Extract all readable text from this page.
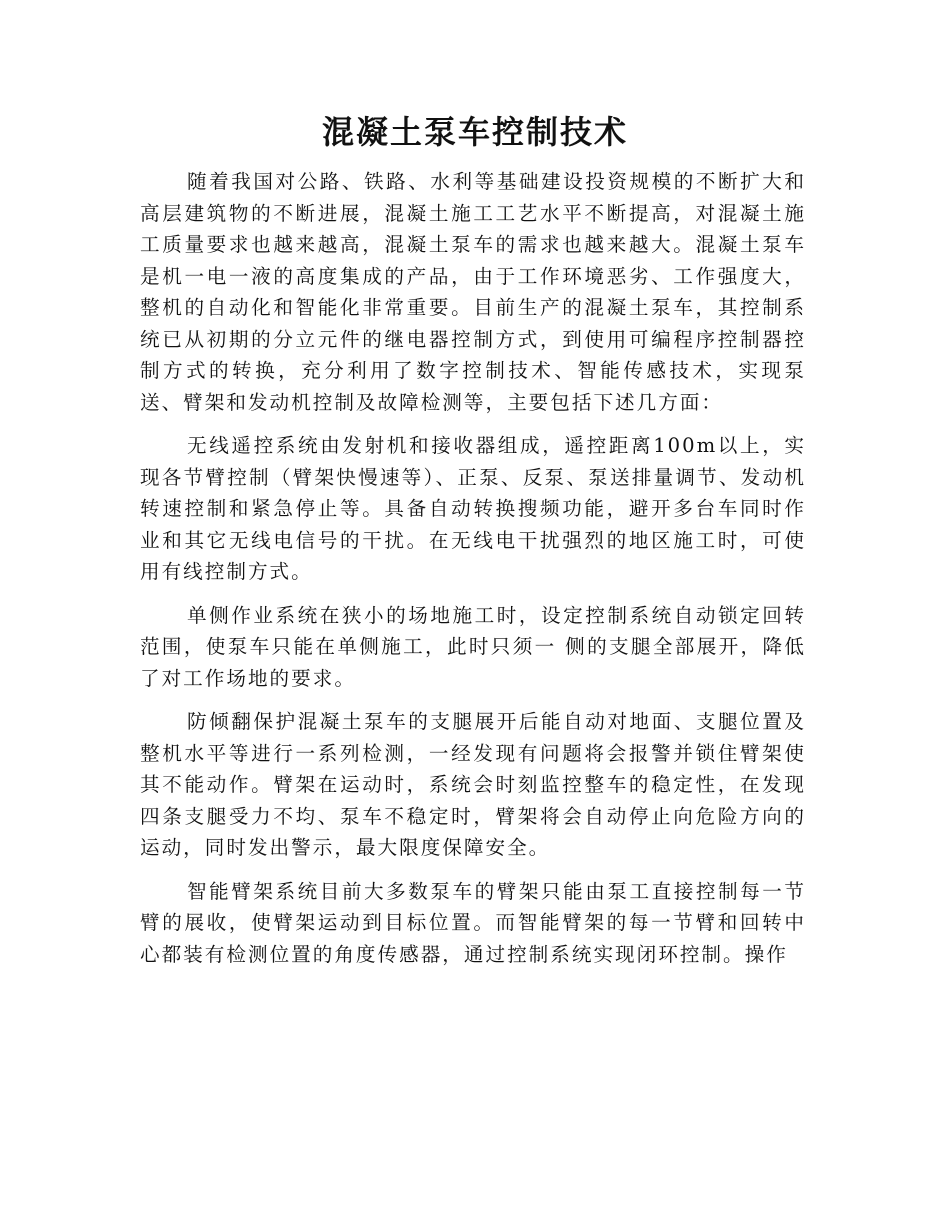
混凝土泵车控制技术

随着我国对公路、铁路、水利等基础建设投资规模的不断扩大和高层建筑物的不断进展，混凝土施工工艺水平不断提高，对混凝土施工质量要求也越来越高，混凝土泵车的需求也越来越大。混凝土泵车是机一电一液的高度集成的产品，由于工作环境恶劣、工作强度大，整机的自动化和智能化非常重要。目前生产的混凝土泵车，其控制系统已从初期的分立元件的继电器控制方式，到使用可编程序控制器控制方式的转换，充分利用了数字控制技术、智能传感技术，实现泵送、臂架和发动机控制及故障检测等，主要包括下述几方面：

无线遥控系统由发射机和接收器组成，遥控距离100m以上，实现各节臂控制（臂架快慢速等）、正泵、反泵、泵送排量调节、发动机转速控制和紧急停止等。具备自动转换搜频功能，避开多台车同时作业和其它无线电信号的干扰。在无线电干扰强烈的地区施工时，可使用有线控制方式。

单侧作业系统在狭小的场地施工时，设定控制系统自动锁定回转范围，使泵车只能在单侧施工，此时只须一 侧的支腿全部展开，降低了对工作场地的要求。

防倾翻保护混凝土泵车的支腿展开后能自动对地面、支腿位置及整机水平等进行一系列检测，一经发现有问题将会报警并锁住臂架使其不能动作。臂架在运动时，系统会时刻监控整车的稳定性，在发现四条支腿受力不均、泵车不稳定时，臂架将会自动停止向危险方向的运动，同时发出警示，最大限度保障安全。

智能臂架系统目前大多数泵车的臂架只能由泵工直接控制每一节臂的展收，使臂架运动到目标位置。而智能臂架的每一节臂和回转中心都装有检测位置的角度传感器，通过控制系统实现闭环控制。操作
